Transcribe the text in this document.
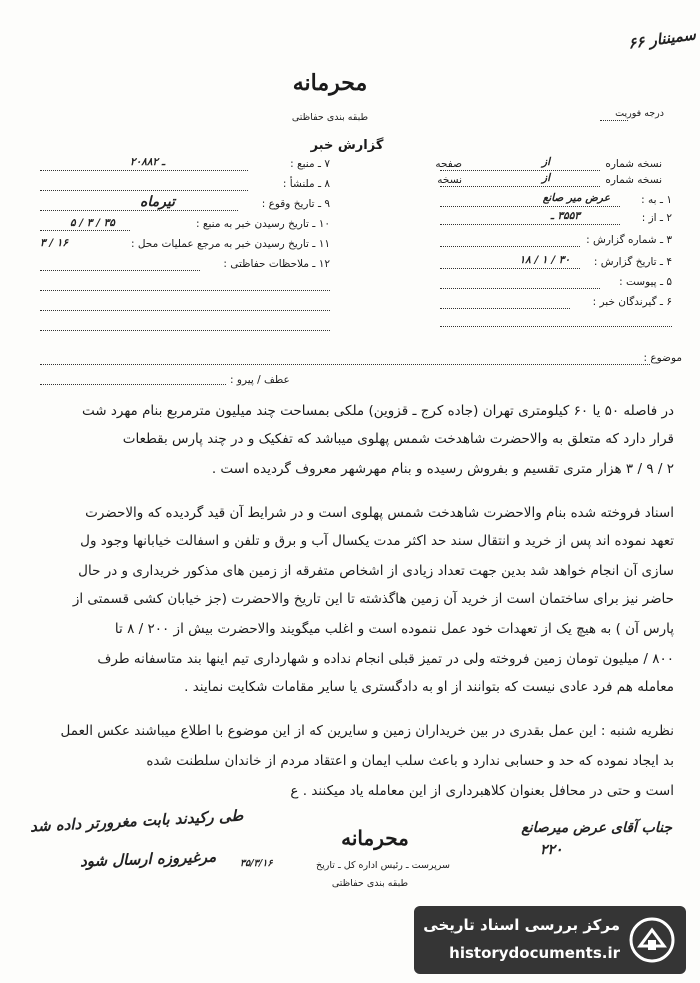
سمیننار ۶۶
محرمانه
طبقه بندی حفاظتی
گزارش خبر
درجه فوریت
نسخه شماره
از
صفحه
نسخه شماره
از
نسخه
۱ ـ به :
عرض میر صانع
۲ ـ از :
۳۵۵۳ ـ
۳ ـ شماره گزارش :
۴ ـ تاریخ گزارش :
۱۸ / ۱ / ۳۰
۵ ـ پیوست :
۶ ـ گیرندگان خبر :
۷ ـ منبع :
۲۰۸۸۲ ـ
۸ ـ ملنشأ :
۹ ـ تاریخ وقوع :
تیرماه
۱۰ ـ تاریخ رسیدن خبر به منبع :
۵ / ۳ / ۳۵
۱۱ ـ تاریخ رسیدن خبر به مرجع عملیات محل :
۳ / ۱۶
۱۲ ـ ملاحظات حفاظتی :
موضوع :
عطف / پیرو :
در فاصله ۵۰ یا ۶۰ کیلومتری تهران (جاده کرج ـ قزوین) ملکی بمساحت چند میلیون مترمربع بنام مهرد شت
قرار دارد که متعلق به والاحضرت شاهدخت شمس پهلوی میباشد که تفکیک و در چند پارس بقطعات
۲ / ۹ / ۳ هزار متری تقسیم و بفروش رسیده و بنام مهرشهر معروف گردیده است .
اسناد فروخته شده بنام والاحضرت شاهدخت شمس پهلوی است و در شرایط آن قید گردیده که والاحضرت
تعهد نموده اند پس از خرید و انتقال سند حد اکثر مدت یکسال آب و برق و تلفن و اسفالت خیابانها وجود ول
سازی آن انجام خواهد شد بدین جهت تعداد زیادی از اشخاص متفرقه از زمین های مذکور خریداری و در حال
حاضر نیز برای ساختمان است از خرید آن زمین هاگذشته تا این تاریخ والاحضرت (جز خیابان کشی قسمتی از
پارس آن ) به هیچ یک از تعهدات خود عمل ننموده است و اغلب میگویند والاحضرت بیش از ۲۰۰ / ۸ تا
۸۰۰ / میلیون تومان زمین فروخته ولی در تمیز قبلی انجام نداده و شهارداری تیم اینها بند متاسفانه طرف
معامله هم فرد عادی نیست که بتوانند از او به دادگستری یا سایر مقامات شکایت نمایند .
نظریه شنبه : این عمل بقدری در بین خریداران زمین و سایرین که از این موضوع با اطلاع میباشند عکس العمل
بد ایجاد نموده که حد و حسابی ندارد و باعث سلب ایمان و اعتقاد مردم از خاندان سلطنت شده
است و حتی در محافل بعنوان کلاهبرداری از این معامله یاد میکنند . ع
طی رکیدند بابت مغرورتر داده شد
مرغیروزه ارسال شود
جناب آقای عرض میرصانع
۲۲۰
محرمانه
سرپرست ـ رئیس اداره کل ـ تاریخ
۳۵/۳/۱۶
طبقه بندی حفاظتی
مرکز بررسی اسناد تاریخی
historydocuments.ir
